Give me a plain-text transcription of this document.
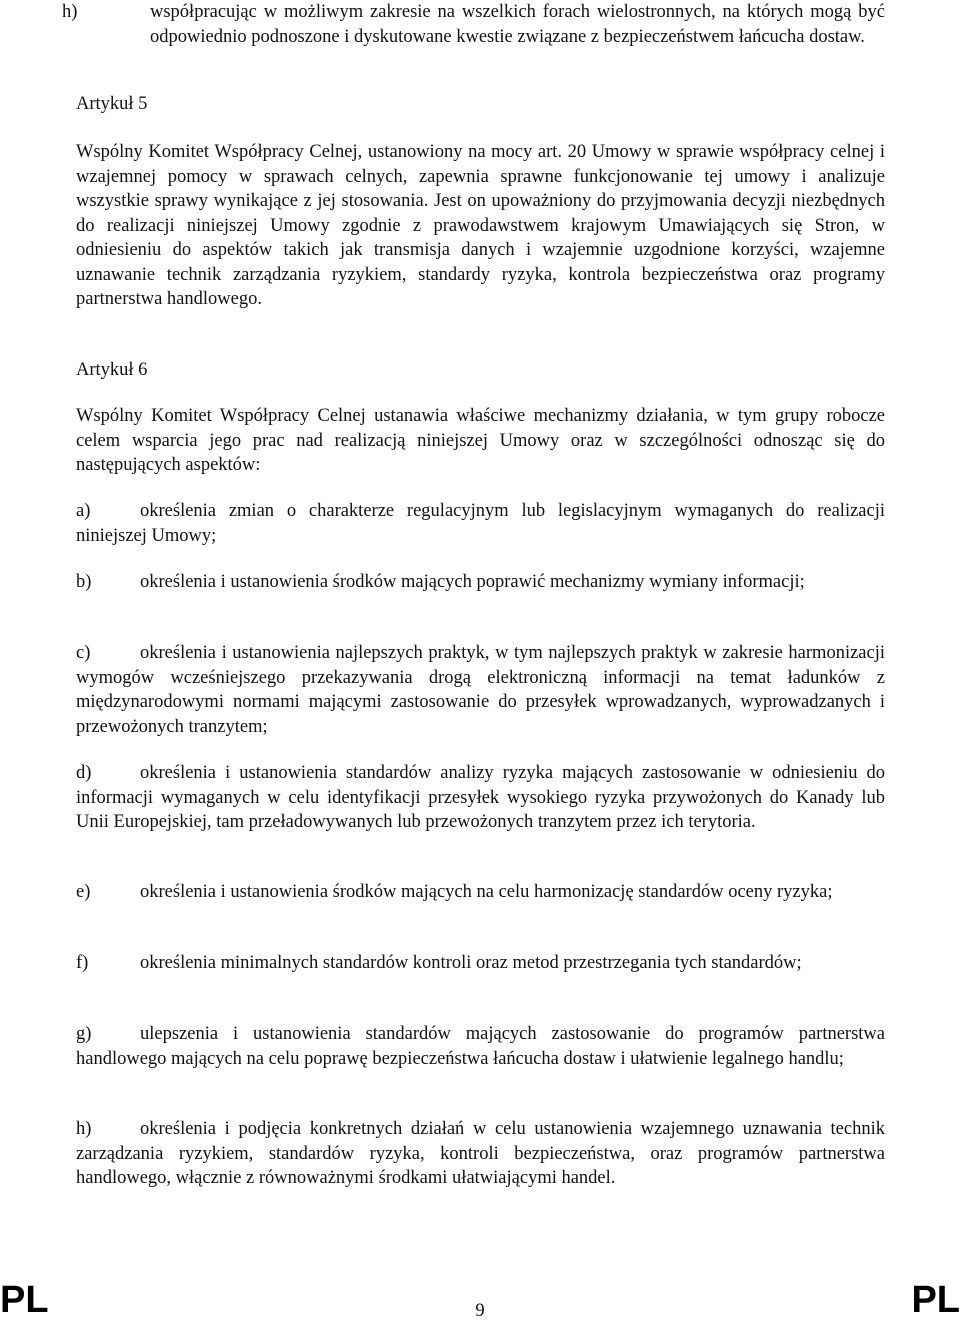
h)	współpracując w możliwym zakresie na wszelkich forach wielostronnych, na których mogą być odpowiednio podnoszone i dyskutowane kwestie związane z bezpieczeństwem łańcucha dostaw.

Artykuł 5

Wspólny Komitet Współpracy Celnej, ustanowiony na mocy art. 20 Umowy w sprawie współpracy celnej i wzajemnej pomocy w sprawach celnych, zapewnia sprawne funkcjonowanie tej umowy i analizuje wszystkie sprawy wynikające z jej stosowania. Jest on upoważniony do przyjmowania decyzji niezbędnych do realizacji niniejszej Umowy zgodnie z prawodawstwem krajowym Umawiających się Stron, w odniesieniu do aspektów takich jak transmisja danych i wzajemnie uzgodnione korzyści, wzajemne uznawanie technik zarządzania ryzykiem, standardy ryzyka, kontrola bezpieczeństwa oraz programy partnerstwa handlowego.

Artykuł 6

Wspólny Komitet Współpracy Celnej ustanawia właściwe mechanizmy działania, w tym grupy robocze celem wsparcia jego prac nad realizacją niniejszej Umowy oraz w szczególności odnosząc się do następujących aspektów:

a)	określenia zmian o charakterze regulacyjnym lub legislacyjnym wymaganych do realizacji niniejszej Umowy;

b)	określenia i ustanowienia środków mających poprawić mechanizmy wymiany informacji;

c)	określenia i ustanowienia najlepszych praktyk, w tym najlepszych praktyk w zakresie harmonizacji wymogów wcześniejszego przekazywania drogą elektroniczną informacji na temat ładunków z międzynarodowymi normami mającymi zastosowanie do przesyłek wprowadzanych, wyprowadzanych i przewożonych tranzytem;

d)	określenia i ustanowienia standardów analizy ryzyka mających zastosowanie w odniesieniu do informacji wymaganych w celu identyfikacji przesyłek wysokiego ryzyka przywożonych do Kanady lub Unii Europejskiej, tam przeładowywanych lub przewożonych tranzytem przez ich terytoria.

e)	określenia i ustanowienia środków mających na celu harmonizację standardów oceny ryzyka;

f)	określenia minimalnych standardów kontroli oraz metod przestrzegania tych standardów;

g)	ulepszenia i ustanowienia standardów mających zastosowanie do programów partnerstwa handlowego mających na celu poprawę bezpieczeństwa łańcucha dostaw i ułatwienie legalnego handlu;

h)	określenia i podjęcia konkretnych działań w celu ustanowienia wzajemnego uznawania technik zarządzania ryzykiem, standardów ryzyka, kontroli bezpieczeństwa, oraz programów partnerstwa handlowego, włącznie z równoważnymi środkami ułatwiającymi handel.

PL	9	PL
